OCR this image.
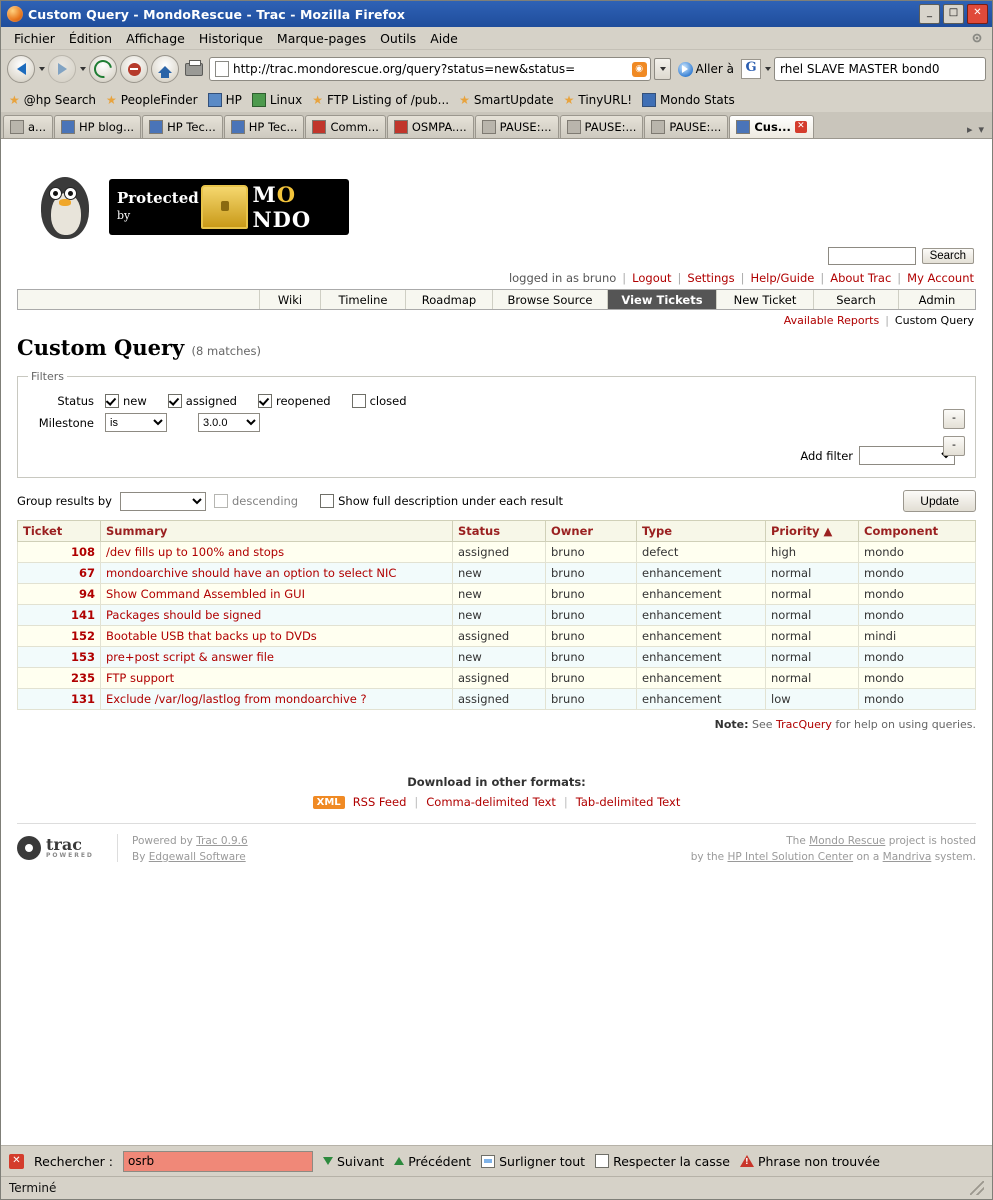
Custom Query - MondoRescue - Trac - Mozilla Firefox	_	□	✕
Fichier	Édition	Affichage	Historique	Marque-pages	Outils	Aide
http://trac.mondorescue.org/query?status=new&status=	◉	Aller à G	rhel SLAVE MASTER bond0
★ @hp Search ★ PeopleFinder HP Linux ★ FTP Listing of /pub... ★ SmartUpdate ★ TinyURL! Mondo Stats
a...	HP blog...	HP Tec...	HP Tec...	Comm...	OSMPA....	PAUSE:...	PAUSE:...	PAUSE:...	Cus... ✕	▸ ▾
Protected by
MONDO
Search
logged in as bruno | Logout | Settings | Help/Guide | About Trac | My Account
Wiki	Timeline	Roadmap	Browse Source	View Tickets	New Ticket	Search	Admin
Available Reports | Custom Query
Custom Query (8 matches)
Filters
Status	new	assigned	reopened	closed
-
Milestone
is
3.0.0
-
Add filter
Group results by	descending	Show full description under each result	Update
Ticket	Summary	Status	Owner	Type	Priority ▲	Component
108	/dev fills up to 100% and stops	assigned	bruno	defect	high	mondo
67	mondoarchive should have an option to select NIC	new	bruno	enhancement	normal	mondo
94	Show Command Assembled in GUI	new	bruno	enhancement	normal	mondo
141	Packages should be signed	new	bruno	enhancement	normal	mondo
152	Bootable USB that backs up to DVDs	assigned	bruno	enhancement	normal	mindi
153	pre+post script & answer file	new	bruno	enhancement	normal	mondo
235	FTP support	assigned	bruno	enhancement	normal	mondo
131	Exclude /var/log/lastlog from mondoarchive ?	assigned	bruno	enhancement	low	mondo
Note: See TracQuery for help on using queries.
Download in other formats:
XML	RSS Feed | Comma-delimited Text | Tab-delimited Text
trac
POWERED
Powered by Trac 0.9.6
By Edgewall Software
The Mondo Rescue project is hosted
by the HP Intel Solution Center on a Mandriva system.
✕ Rechercher : osrb	Suivant Précédent Surligner tout Respecter la casse ! Phrase non trouvée
Terminé
